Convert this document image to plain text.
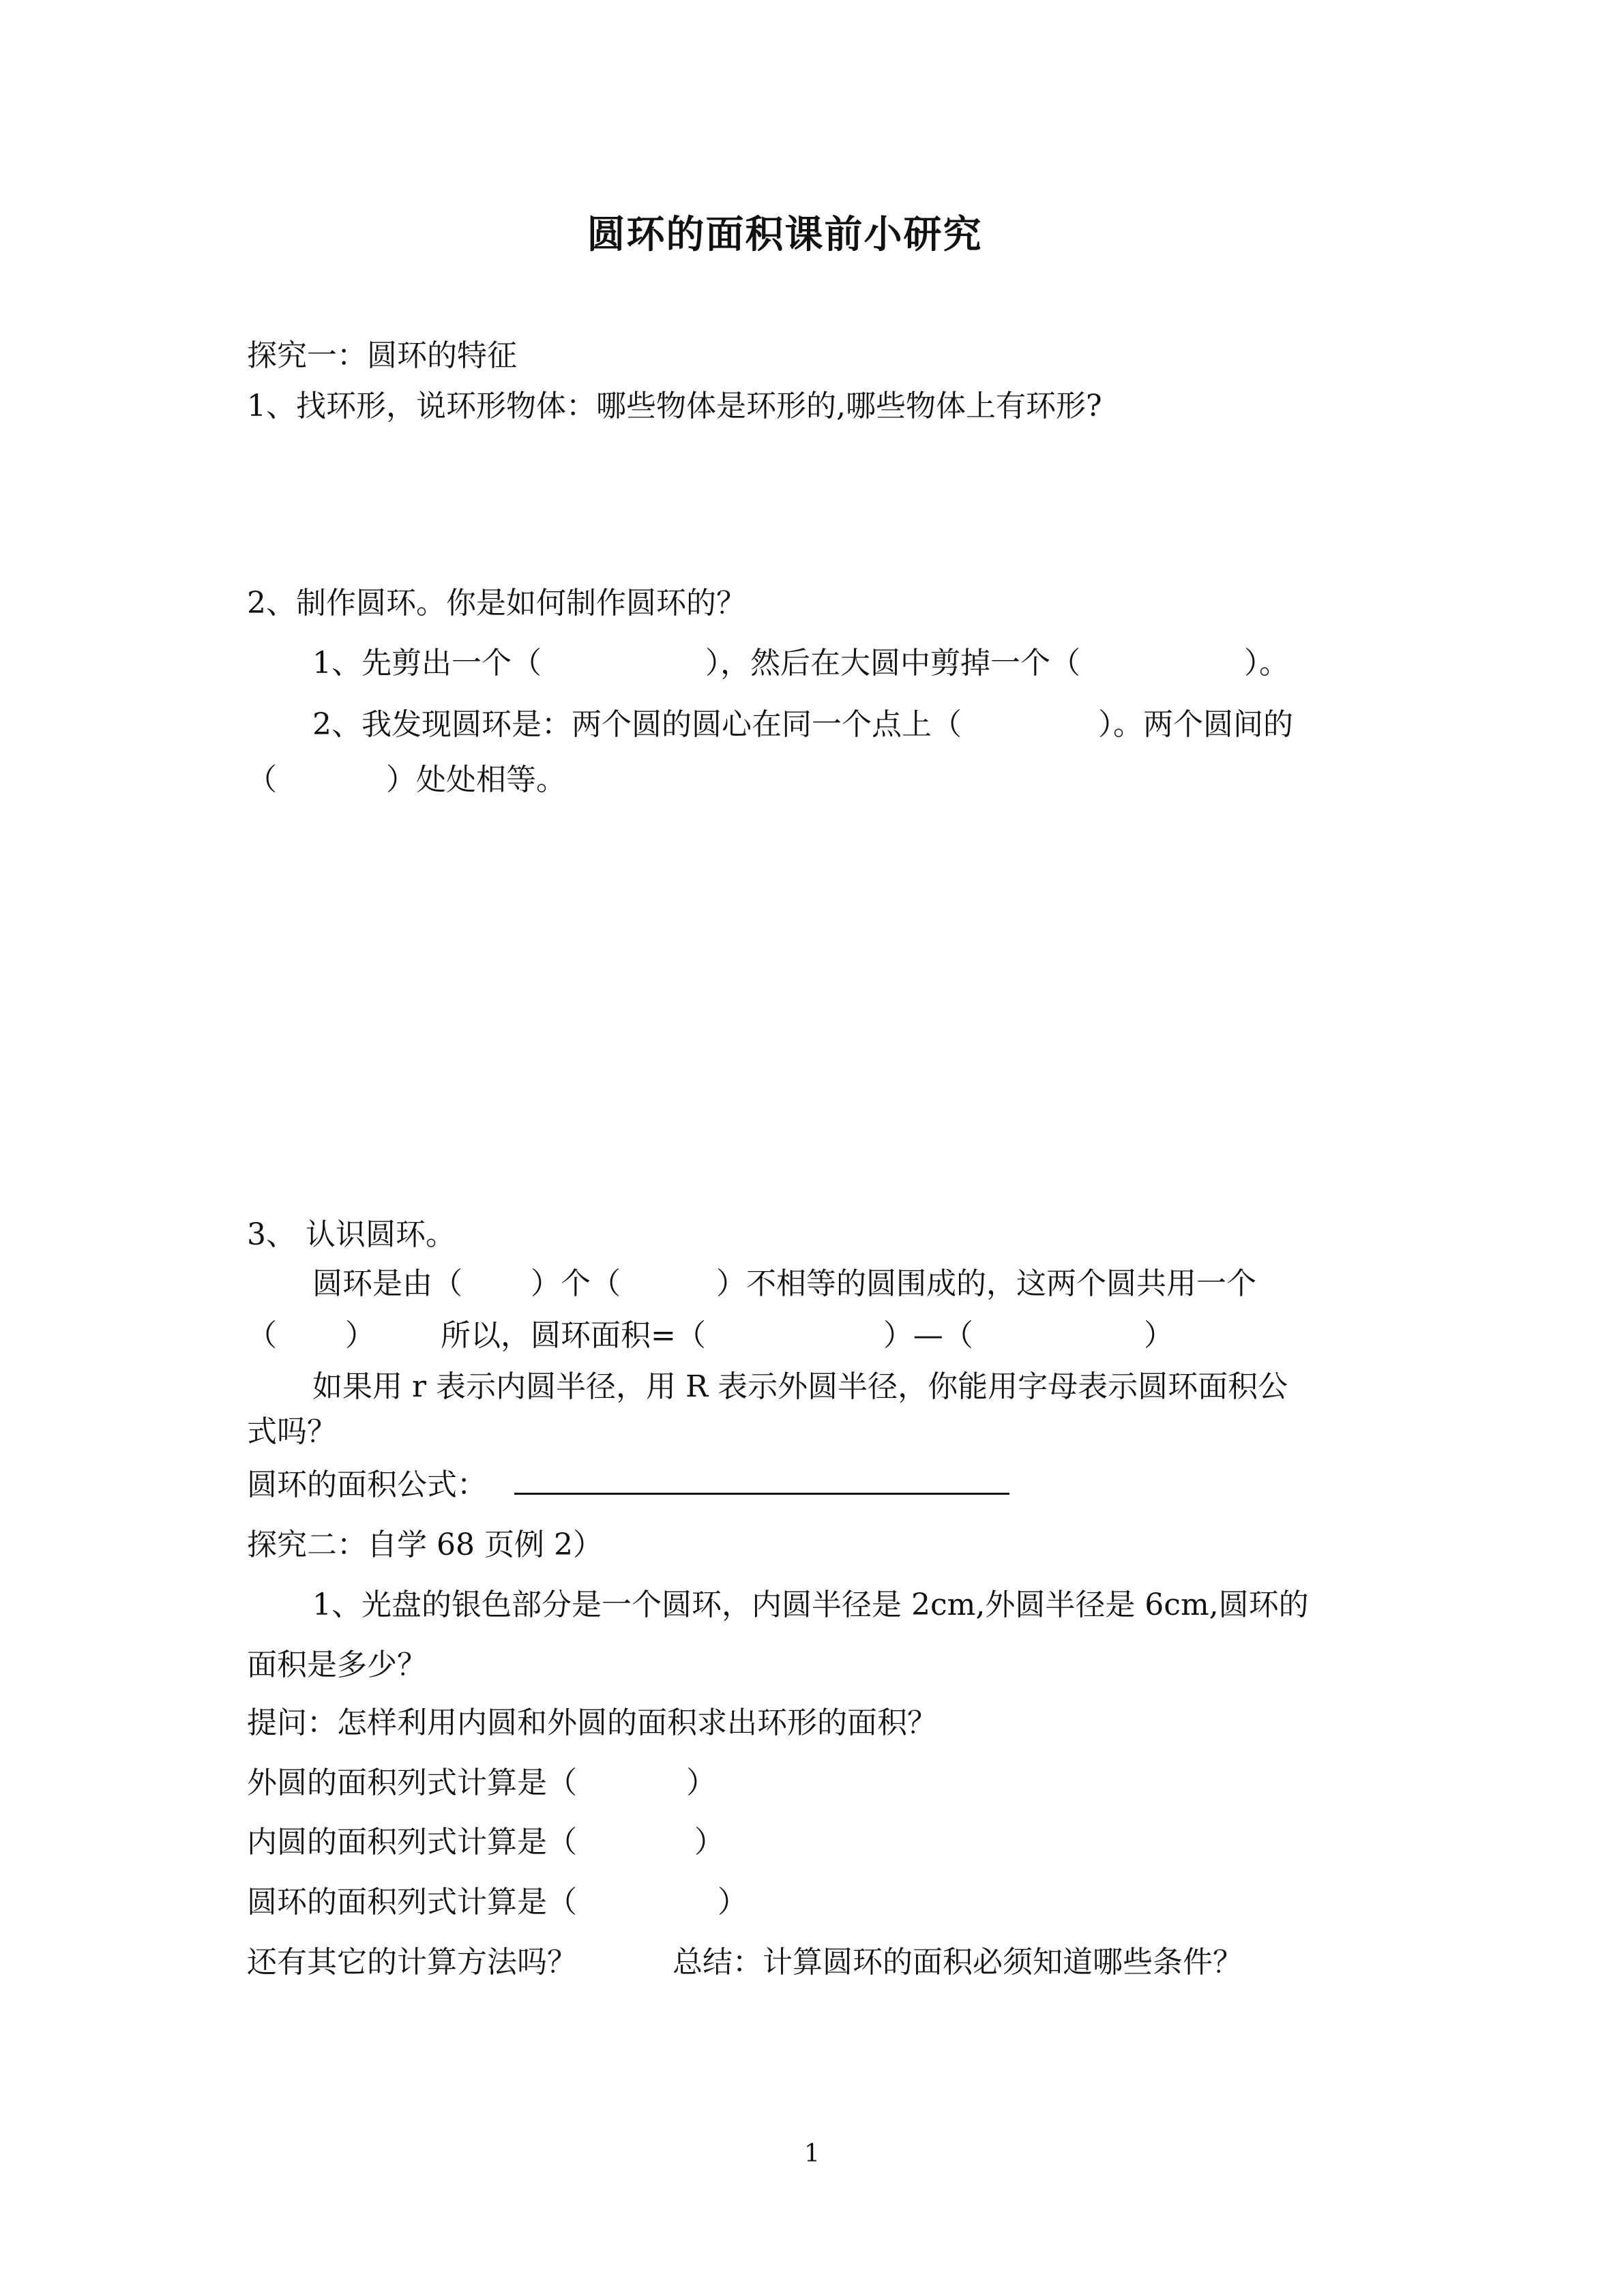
圆环的面积课前小研究
探究一：圆环的特征
1、找环形，说环形物体：哪些物体是环形的,哪些物体上有环形?
2、制作圆环。你是如何制作圆环的？
1、先剪出一个（	），然后在大圆中剪掉一个（	）。
2、我发现圆环是：两个圆的圆心在同一个点上（	）。两个圆间的
（	）处处相等。
3、 认识圆环。
圆环是由（ ）个（	）不相等的圆围成的，这两个圆共用一个
（ ） 所以，圆环面积=（	）—（	）
如果用 r 表示内圆半径，用 R 表示外圆半径，你能用字母表示圆环面积公
式吗？
圆环的面积公式：
探究二：自学 68 页例 2）
1、光盘的银色部分是一个圆环，内圆半径是 2cm,外圆半径是 6cm,圆环的
面积是多少？
提问：怎样利用内圆和外圆的面积求出环形的面积？
外圆的面积列式计算是（	）
内圆的面积列式计算是（	）
圆环的面积列式计算是（	）
还有其它的计算方法吗？	总结：计算圆环的面积必须知道哪些条件？
1
